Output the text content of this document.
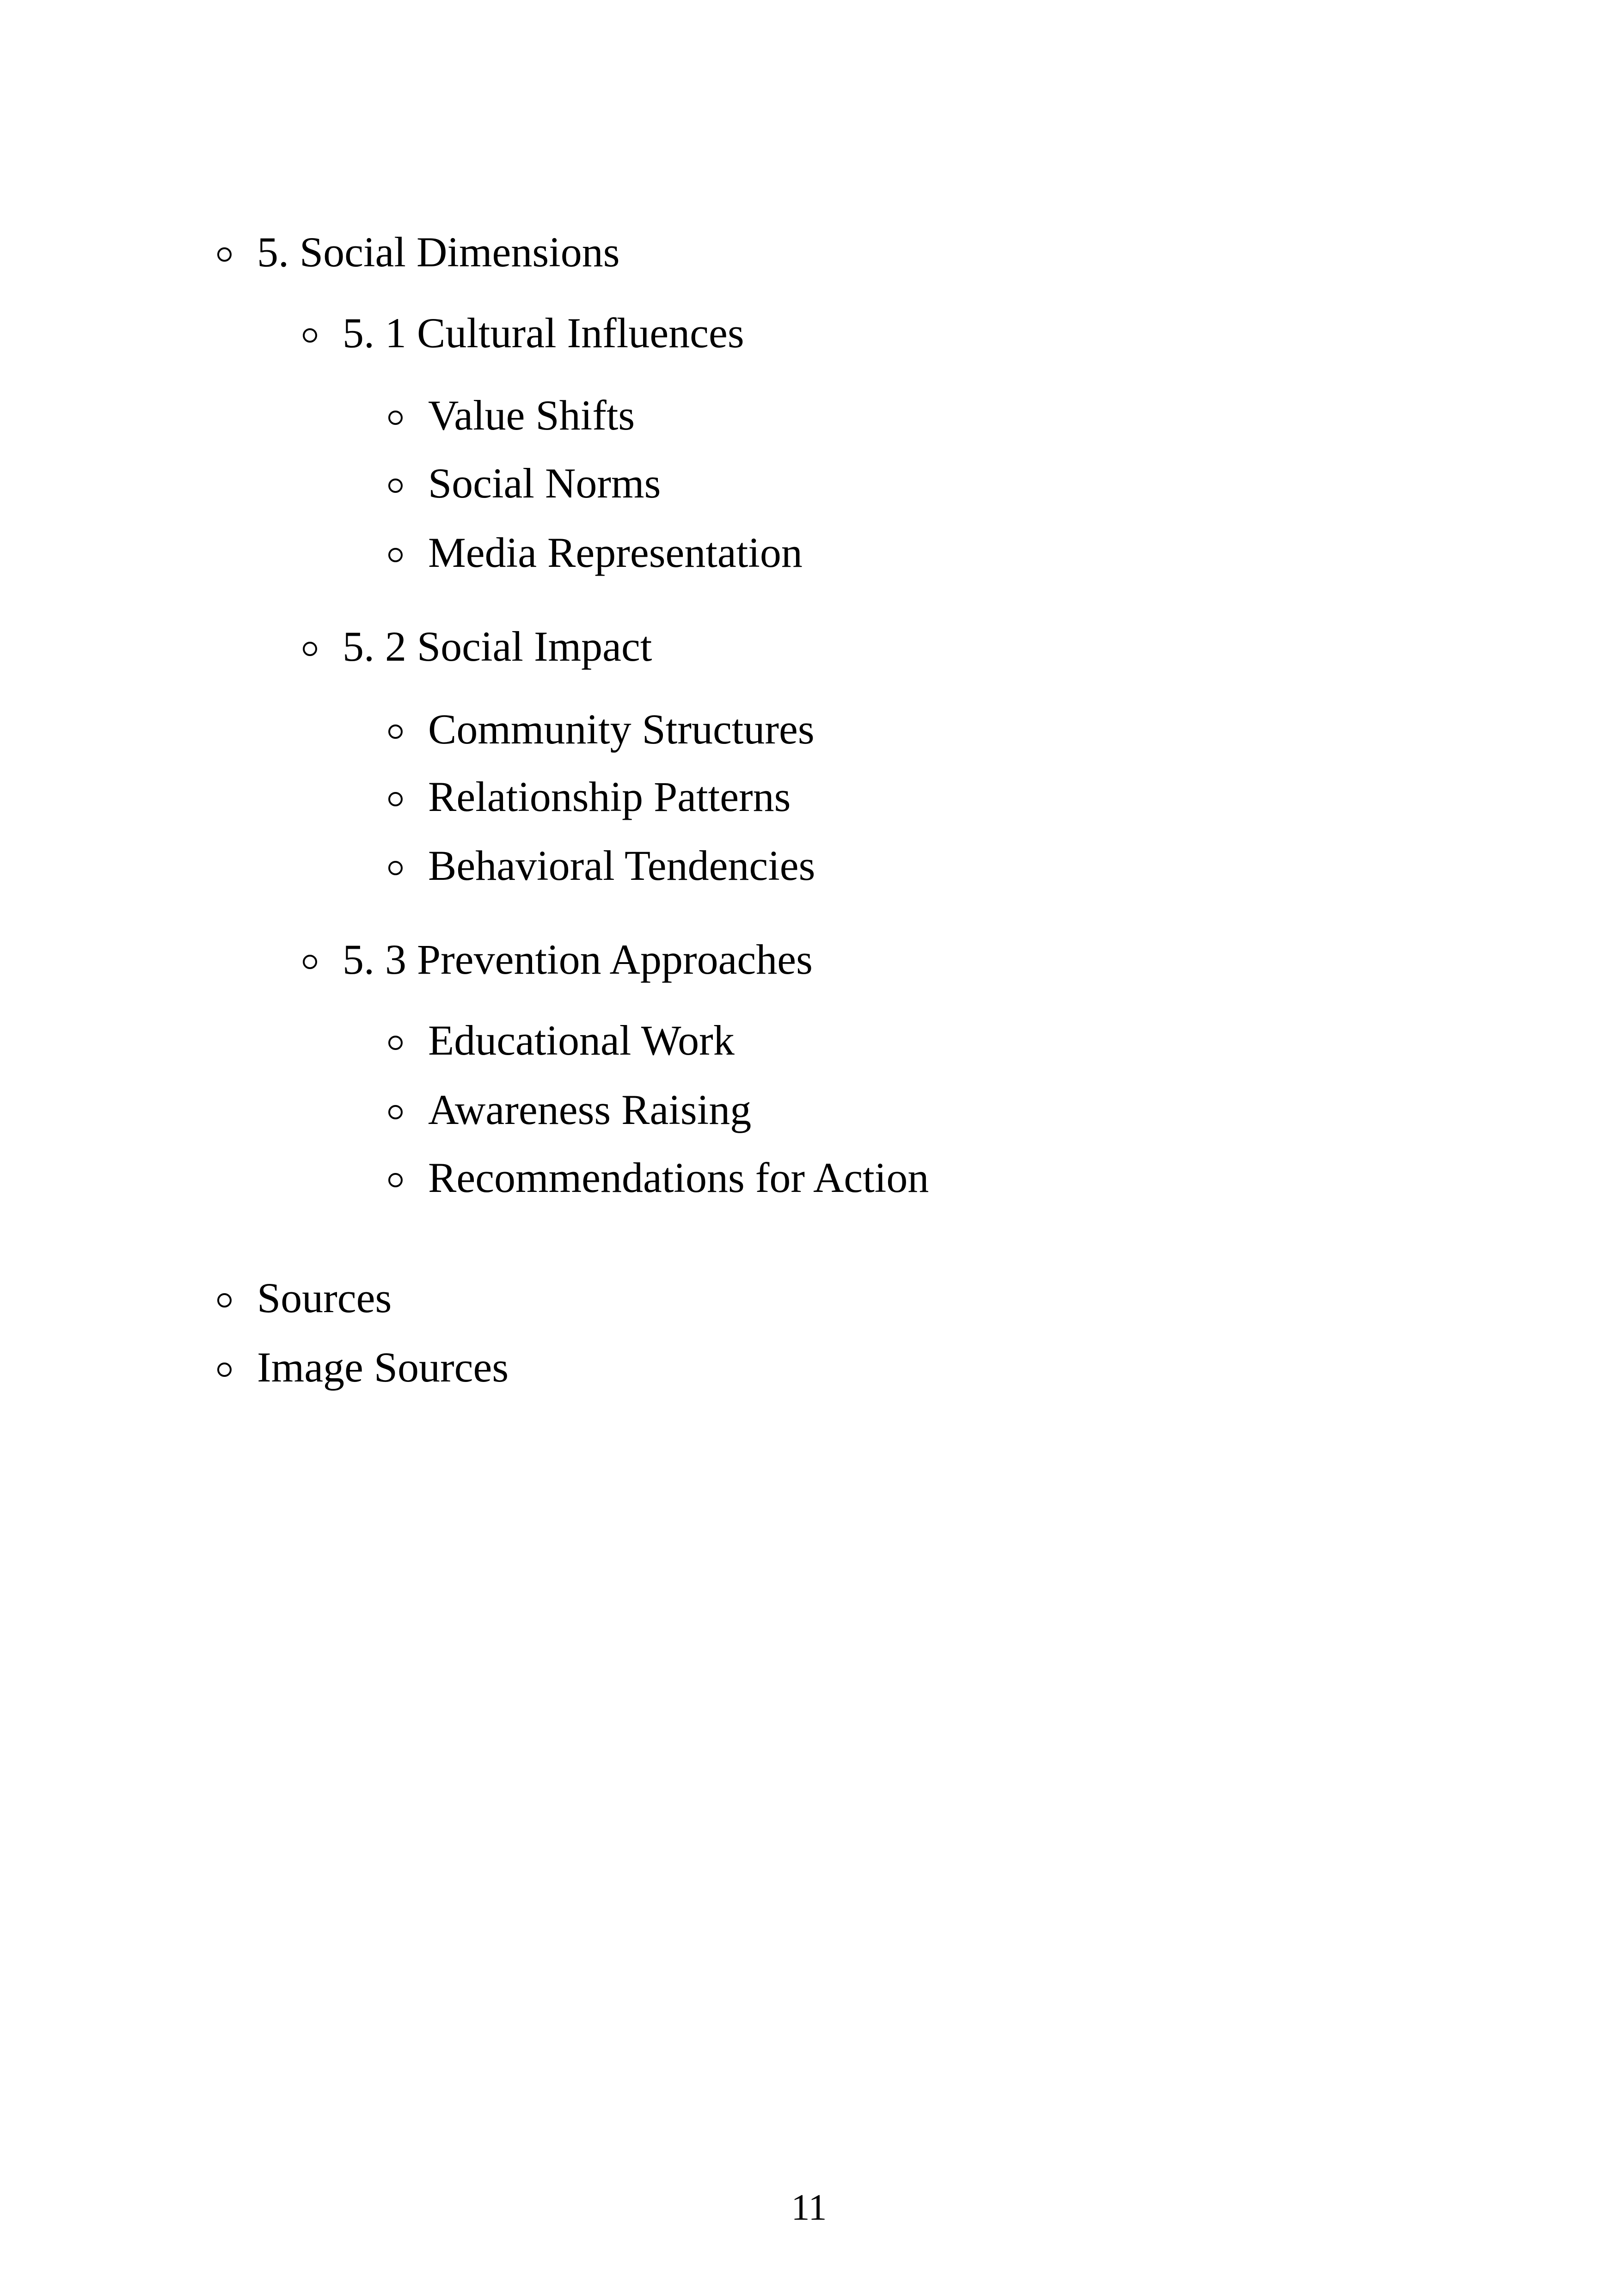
5. Social Dimensions
5. 1 Cultural Influences
Value Shifts
Social Norms
Media Representation
5. 2 Social Impact
Community Structures
Relationship Patterns
Behavioral Tendencies
5. 3 Prevention Approaches
Educational Work
Awareness Raising
Recommendations for Action
Sources
Image Sources
11
